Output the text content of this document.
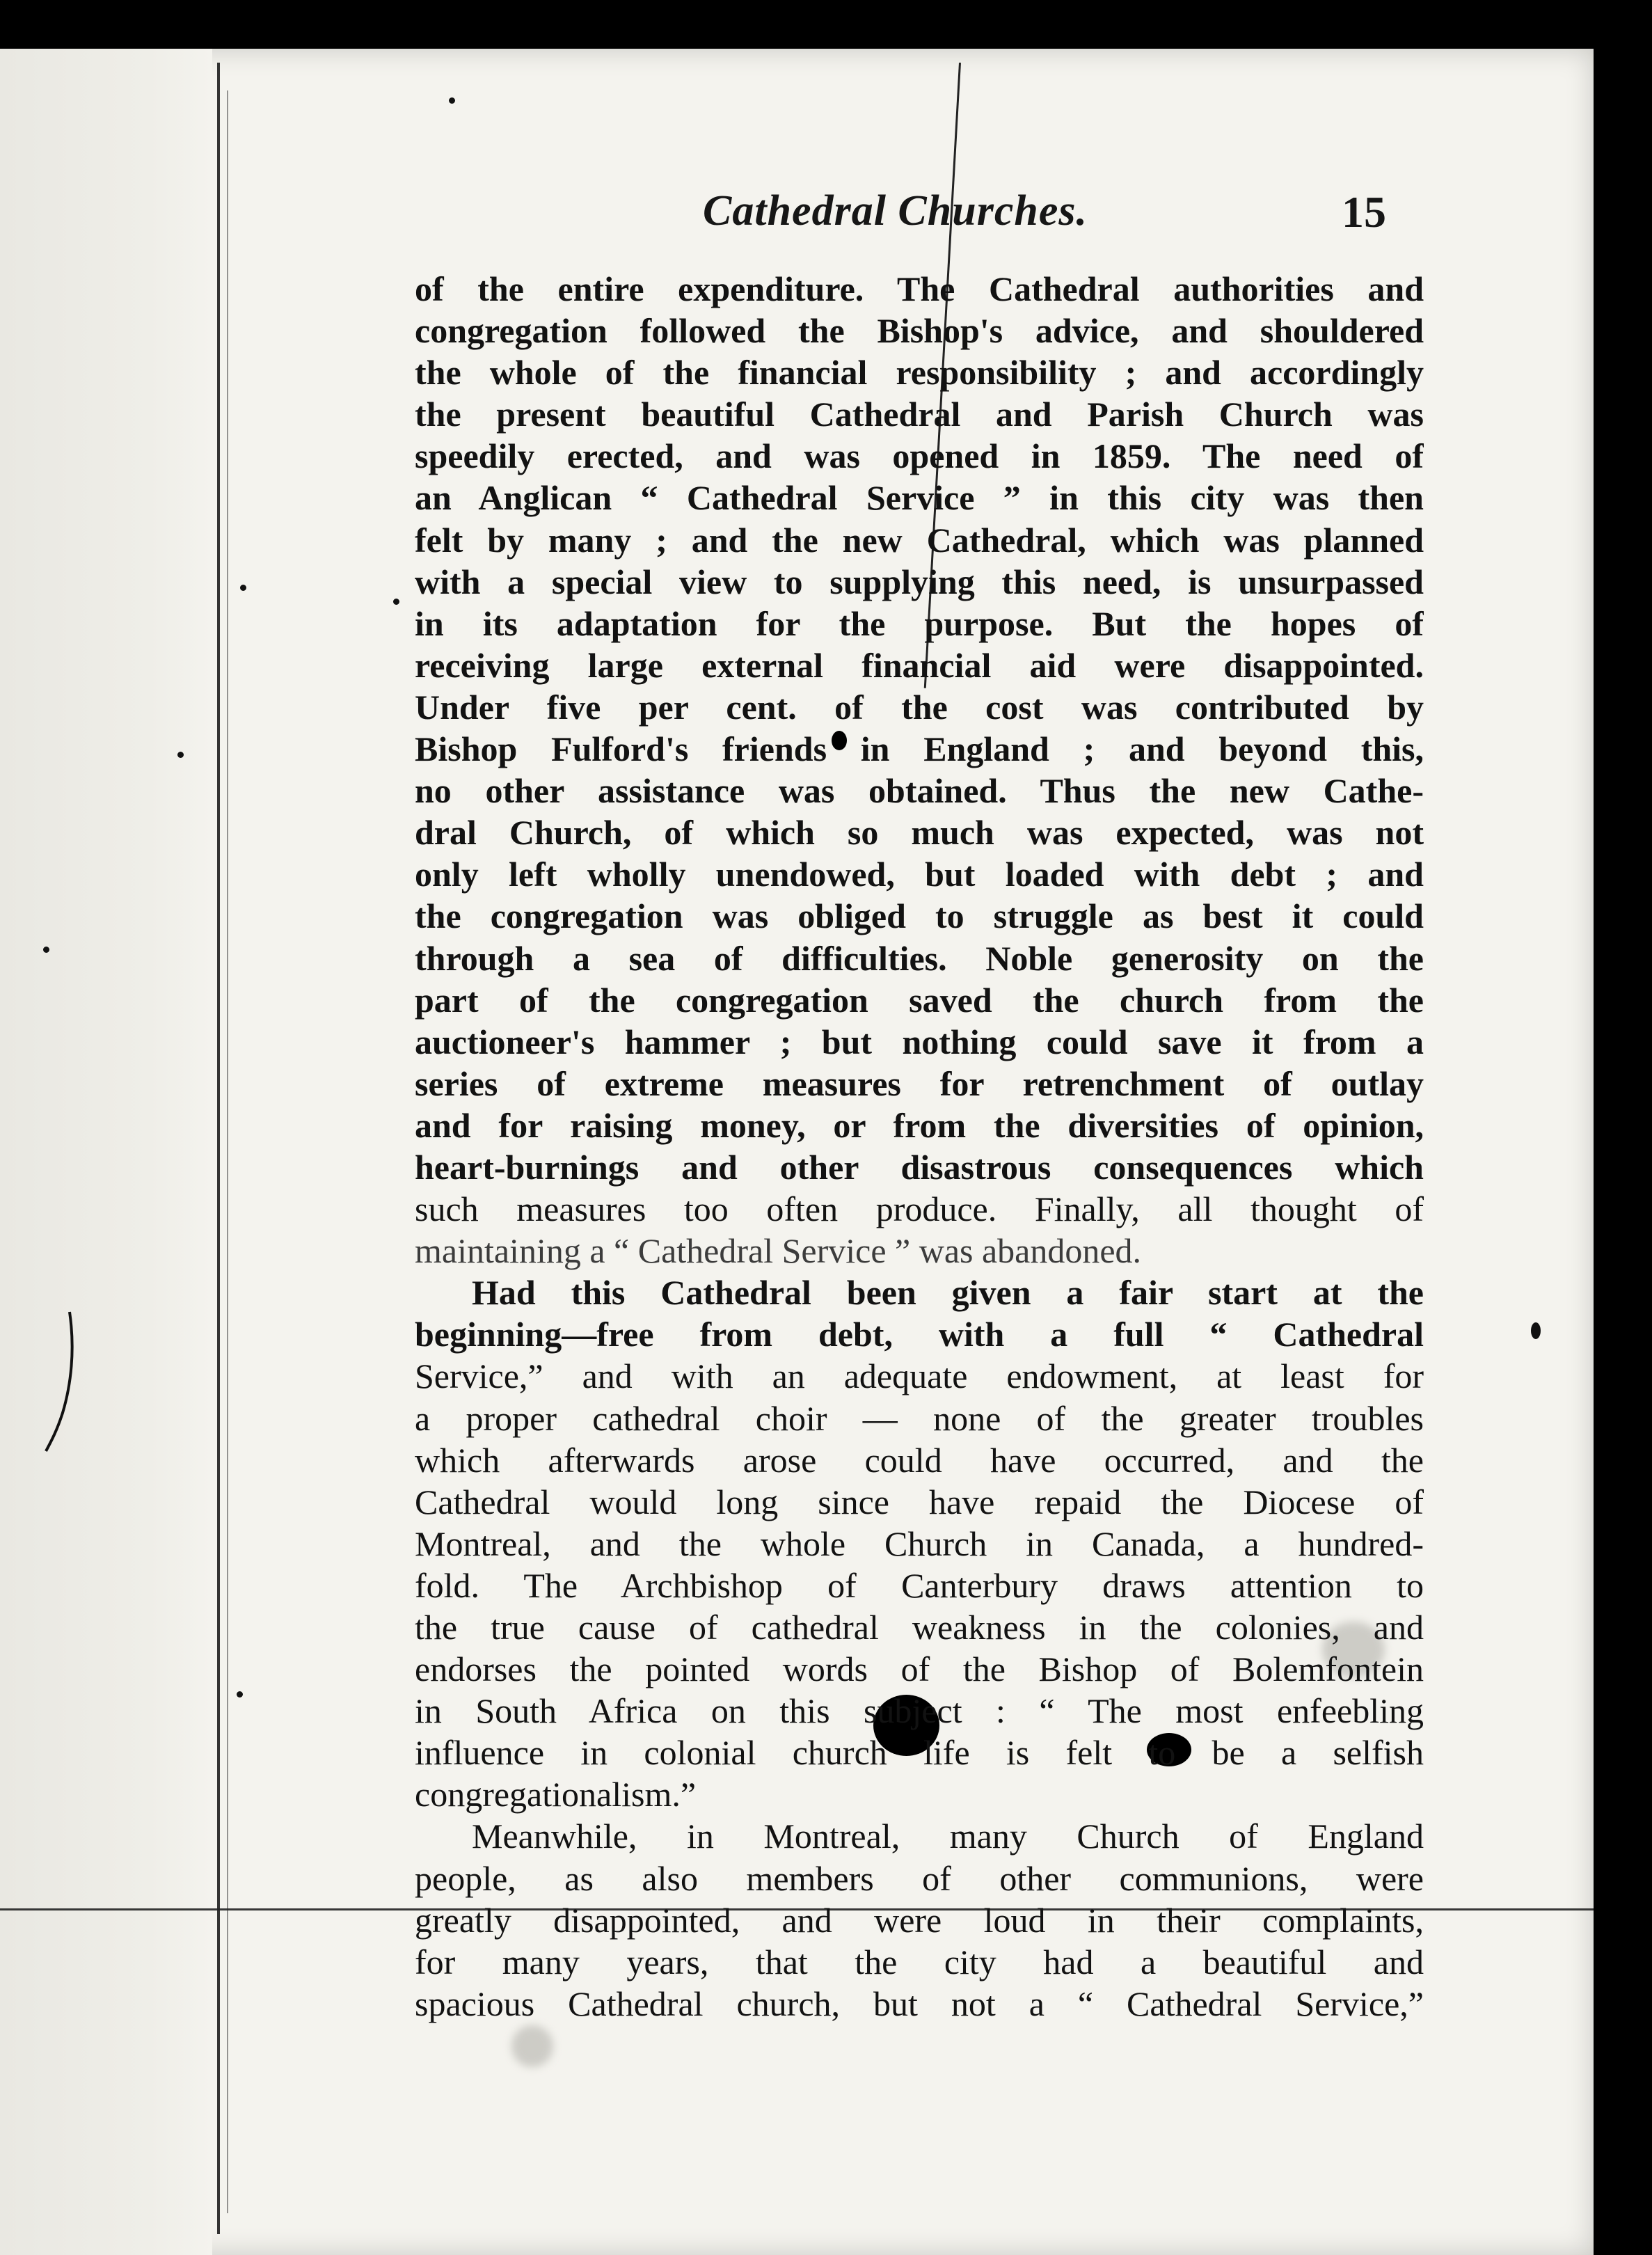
Cathedral Churches.	15
of the entire expenditure. The Cathedral authorities and
congregation followed the Bishop's advice, and shouldered
the whole of the financial responsibility ; and accordingly
the present beautiful Cathedral and Parish Church was
speedily erected, and was opened in 1859. The need of
an Anglican “ Cathedral Service ” in this city was then
felt by many ; and the new Cathedral, which was planned
with a special view to supplying this need, is unsurpassed
in its adaptation for the purpose. But the hopes of
receiving large external financial aid were disappointed.
Under five per cent. of the cost was contributed by
Bishop Fulford's friends in England ; and beyond this,
no other assistance was obtained. Thus the new Cathe-
dral Church, of which so much was expected, was not
only left wholly unendowed, but loaded with debt ; and
the congregation was obliged to struggle as best it could
through a sea of difficulties. Noble generosity on the
part of the congregation saved the church from the
auctioneer's hammer ; but nothing could save it from a
series of extreme measures for retrenchment of outlay
and for raising money, or from the diversities of opinion,
heart-burnings and other disastrous consequences which
such measures too often produce. Finally, all thought of
maintaining a “ Cathedral Service ” was abandoned.
Had this Cathedral been given a fair start at the
beginning—free from debt, with a full “ Cathedral
Service,” and with an adequate endowment, at least for
a proper cathedral choir — none of the greater troubles
which afterwards arose could have occurred, and the
Cathedral would long since have repaid the Diocese of
Montreal, and the whole Church in Canada, a hundred-
fold. The Archbishop of Canterbury draws attention to
the true cause of cathedral weakness in the colonies, and
endorses the pointed words of the Bishop of Bolemfontein
in South Africa on this subject : “ The most enfeebling
influence in colonial church life is felt to be a selfish
congregationalism.”
Meanwhile, in Montreal, many Church of England
people, as also members of other communions, were
greatly disappointed, and were loud in their complaints,
for many years, that the city had a beautiful and
spacious Cathedral church, but not a “ Cathedral Service,”
